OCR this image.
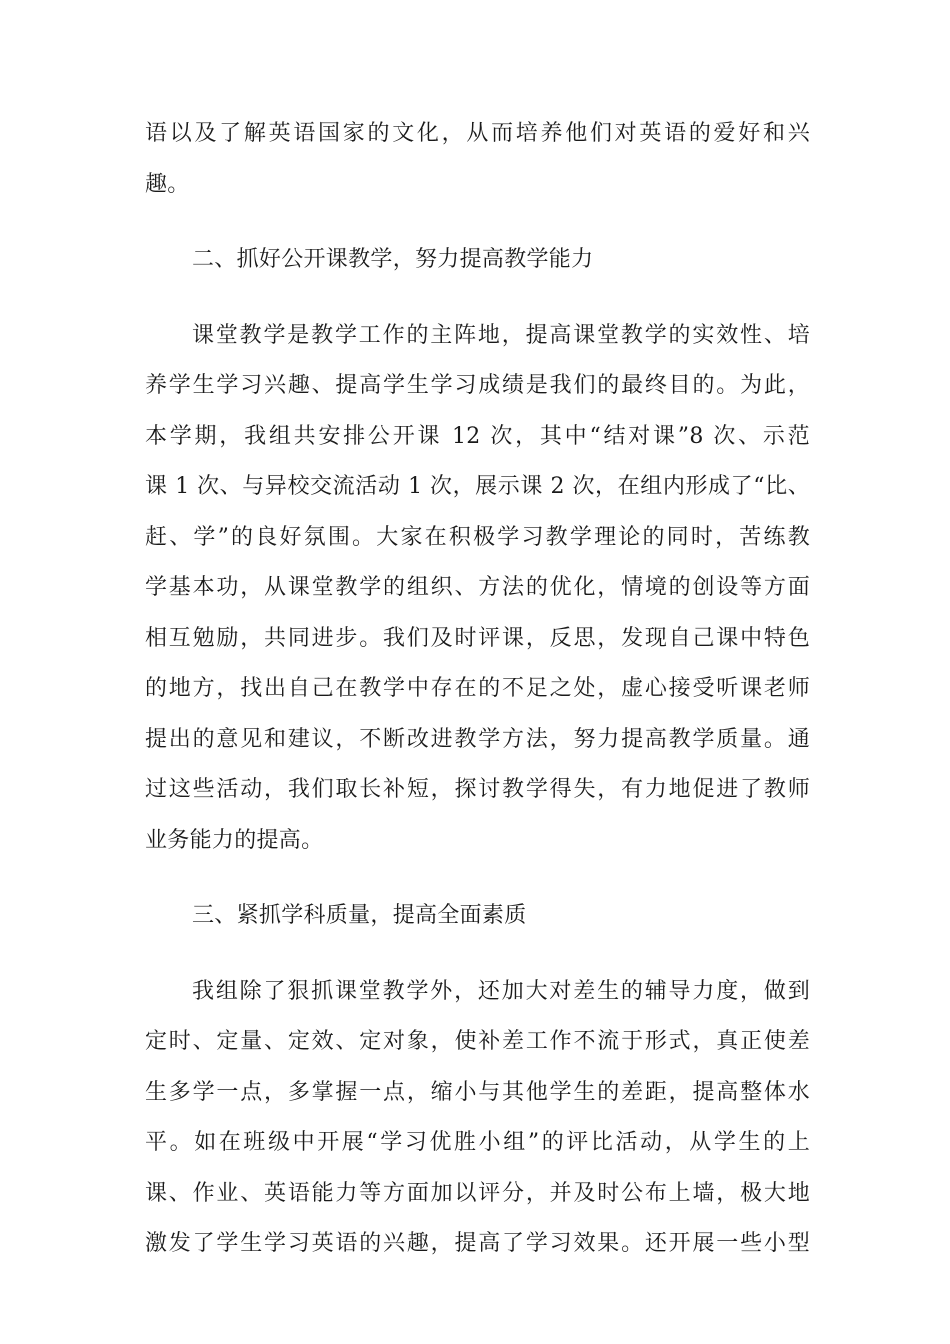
语以及了解英语国家的文化，从而培养他们对英语的爱好和兴
趣。
二、抓好公开课教学，努力提高教学能力
课堂教学是教学工作的主阵地，提高课堂教学的实效性、培
养学生学习兴趣、提高学生学习成绩是我们的最终目的。为此，
本学期，我组共安排公开课 12 次，其中“结对课”8 次、示范
课 1 次、与异校交流活动 1 次，展示课 2 次，在组内形成了“比、
赶、学”的良好氛围。大家在积极学习教学理论的同时，苦练教
学基本功，从课堂教学的组织、方法的优化，情境的创设等方面
相互勉励，共同进步。我们及时评课，反思，发现自己课中特色
的地方，找出自己在教学中存在的不足之处，虚心接受听课老师
提出的意见和建议，不断改进教学方法，努力提高教学质量。通
过这些活动，我们取长补短，探讨教学得失，有力地促进了教师
业务能力的提高。
三、紧抓学科质量，提高全面素质
我组除了狠抓课堂教学外，还加大对差生的辅导力度，做到
定时、定量、定效、定对象，使补差工作不流于形式，真正使差
生多学一点，多掌握一点，缩小与其他学生的差距，提高整体水
平。如在班级中开展“学习优胜小组”的评比活动，从学生的上
课、作业、英语能力等方面加以评分，并及时公布上墙，极大地
激发了学生学习英语的兴趣，提高了学习效果。还开展一些小型
